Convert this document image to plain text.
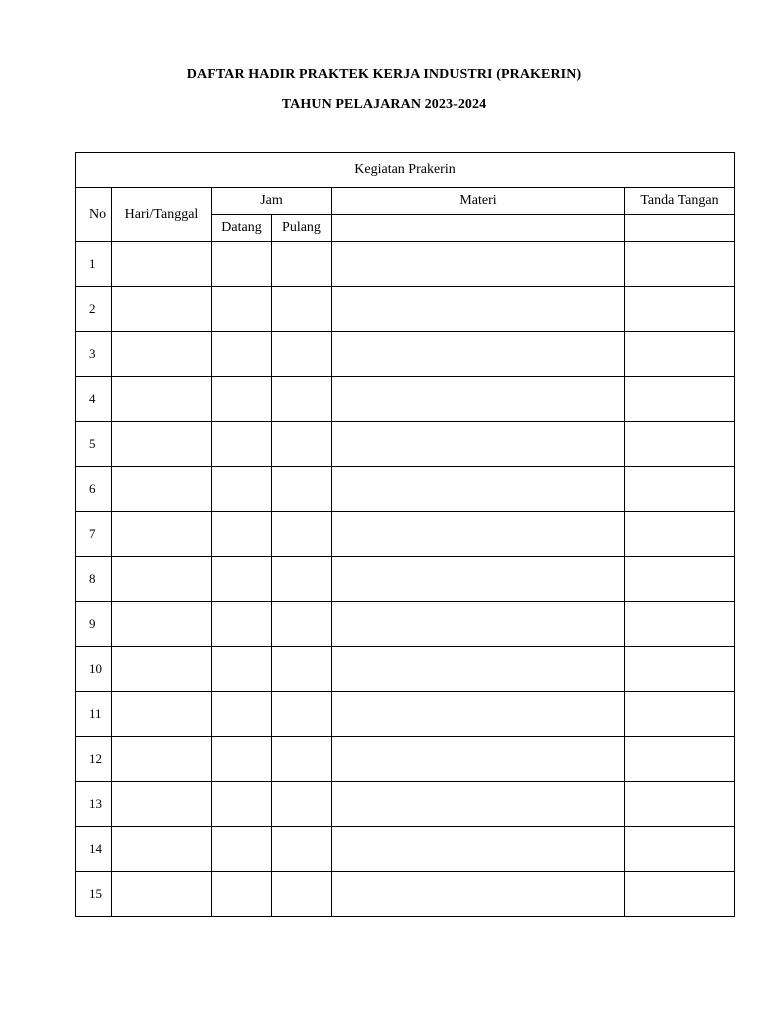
DAFTAR HADIR PRAKTEK KERJA INDUSTRI (PRAKERIN)
TAHUN PELAJARAN 2023-2024
Kegiatan Prakerin					
No	Hari/Tanggal	Jam		Materi	Tanda Tangan
		Datang	Pulang		
1					
2					
3					
4					
5					
6					
7					
8					
9					
10					
11					
12					
13					
14					
15					
